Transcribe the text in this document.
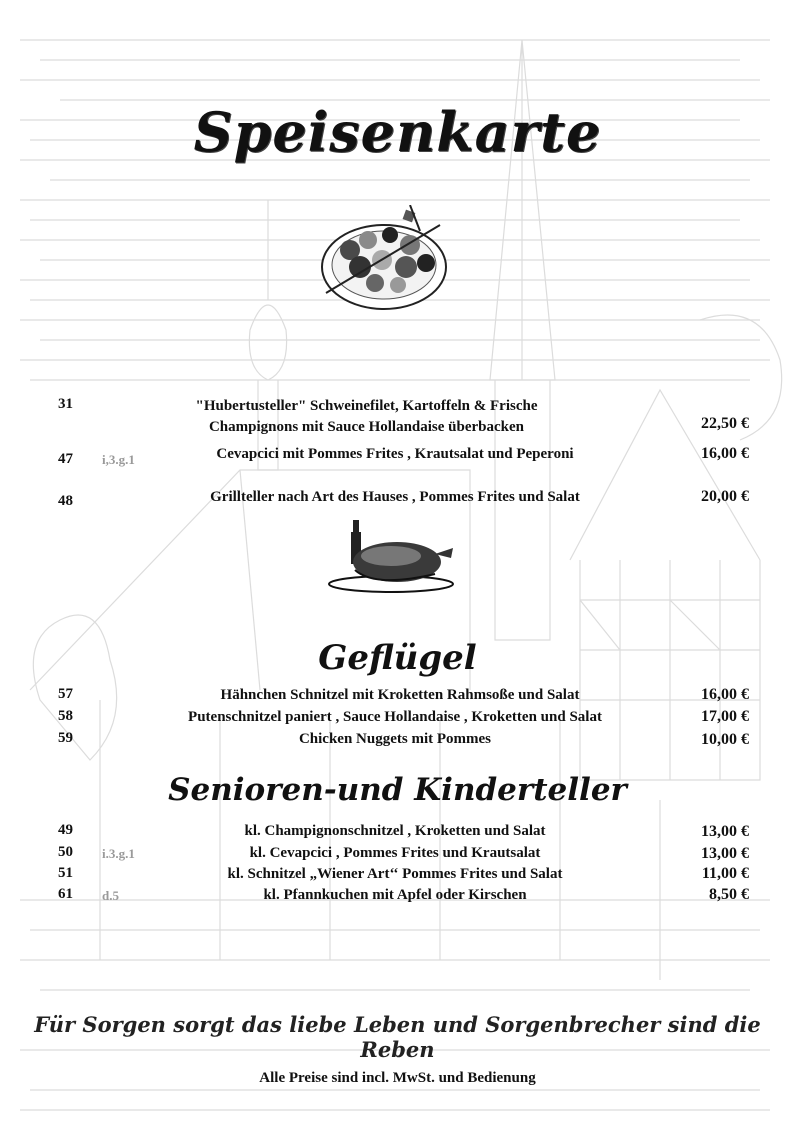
Speisenkarte
31	"Hubertusteller" Schweinefilet, Kartoffeln & Frische
Champignons mit Sauce Hollandaise überbacken	22,50 €
47 i,3.g.1	Cevapcici mit Pommes Frites , Krautsalat und Peperoni	16,00 €
48	Grillteller nach Art des Hauses , Pommes Frites und Salat	20,00 €
Geflügel
57	Hähnchen Schnitzel mit Kroketten Rahmsoße und Salat	16,00 €
58	Putenschnitzel paniert , Sauce Hollandaise , Kroketten und Salat	17,00 €
59	Chicken Nuggets mit Pommes	10,00 €
Senioren-und Kinderteller
49	kl. Champignonschnitzel , Kroketten und Salat	13,00 €
50 i.3.g.1	kl. Cevapcici , Pommes Frites und Krautsalat	13,00 €
51	kl. Schnitzel „Wiener Art‘‘ Pommes Frites und Salat	11,00 €
61 d.5	kl. Pfannkuchen mit Apfel oder Kirschen	8,50 €
Für Sorgen sorgt das liebe Leben und Sorgenbrecher sind die Reben
Alle Preise sind incl. MwSt. und Bedienung
